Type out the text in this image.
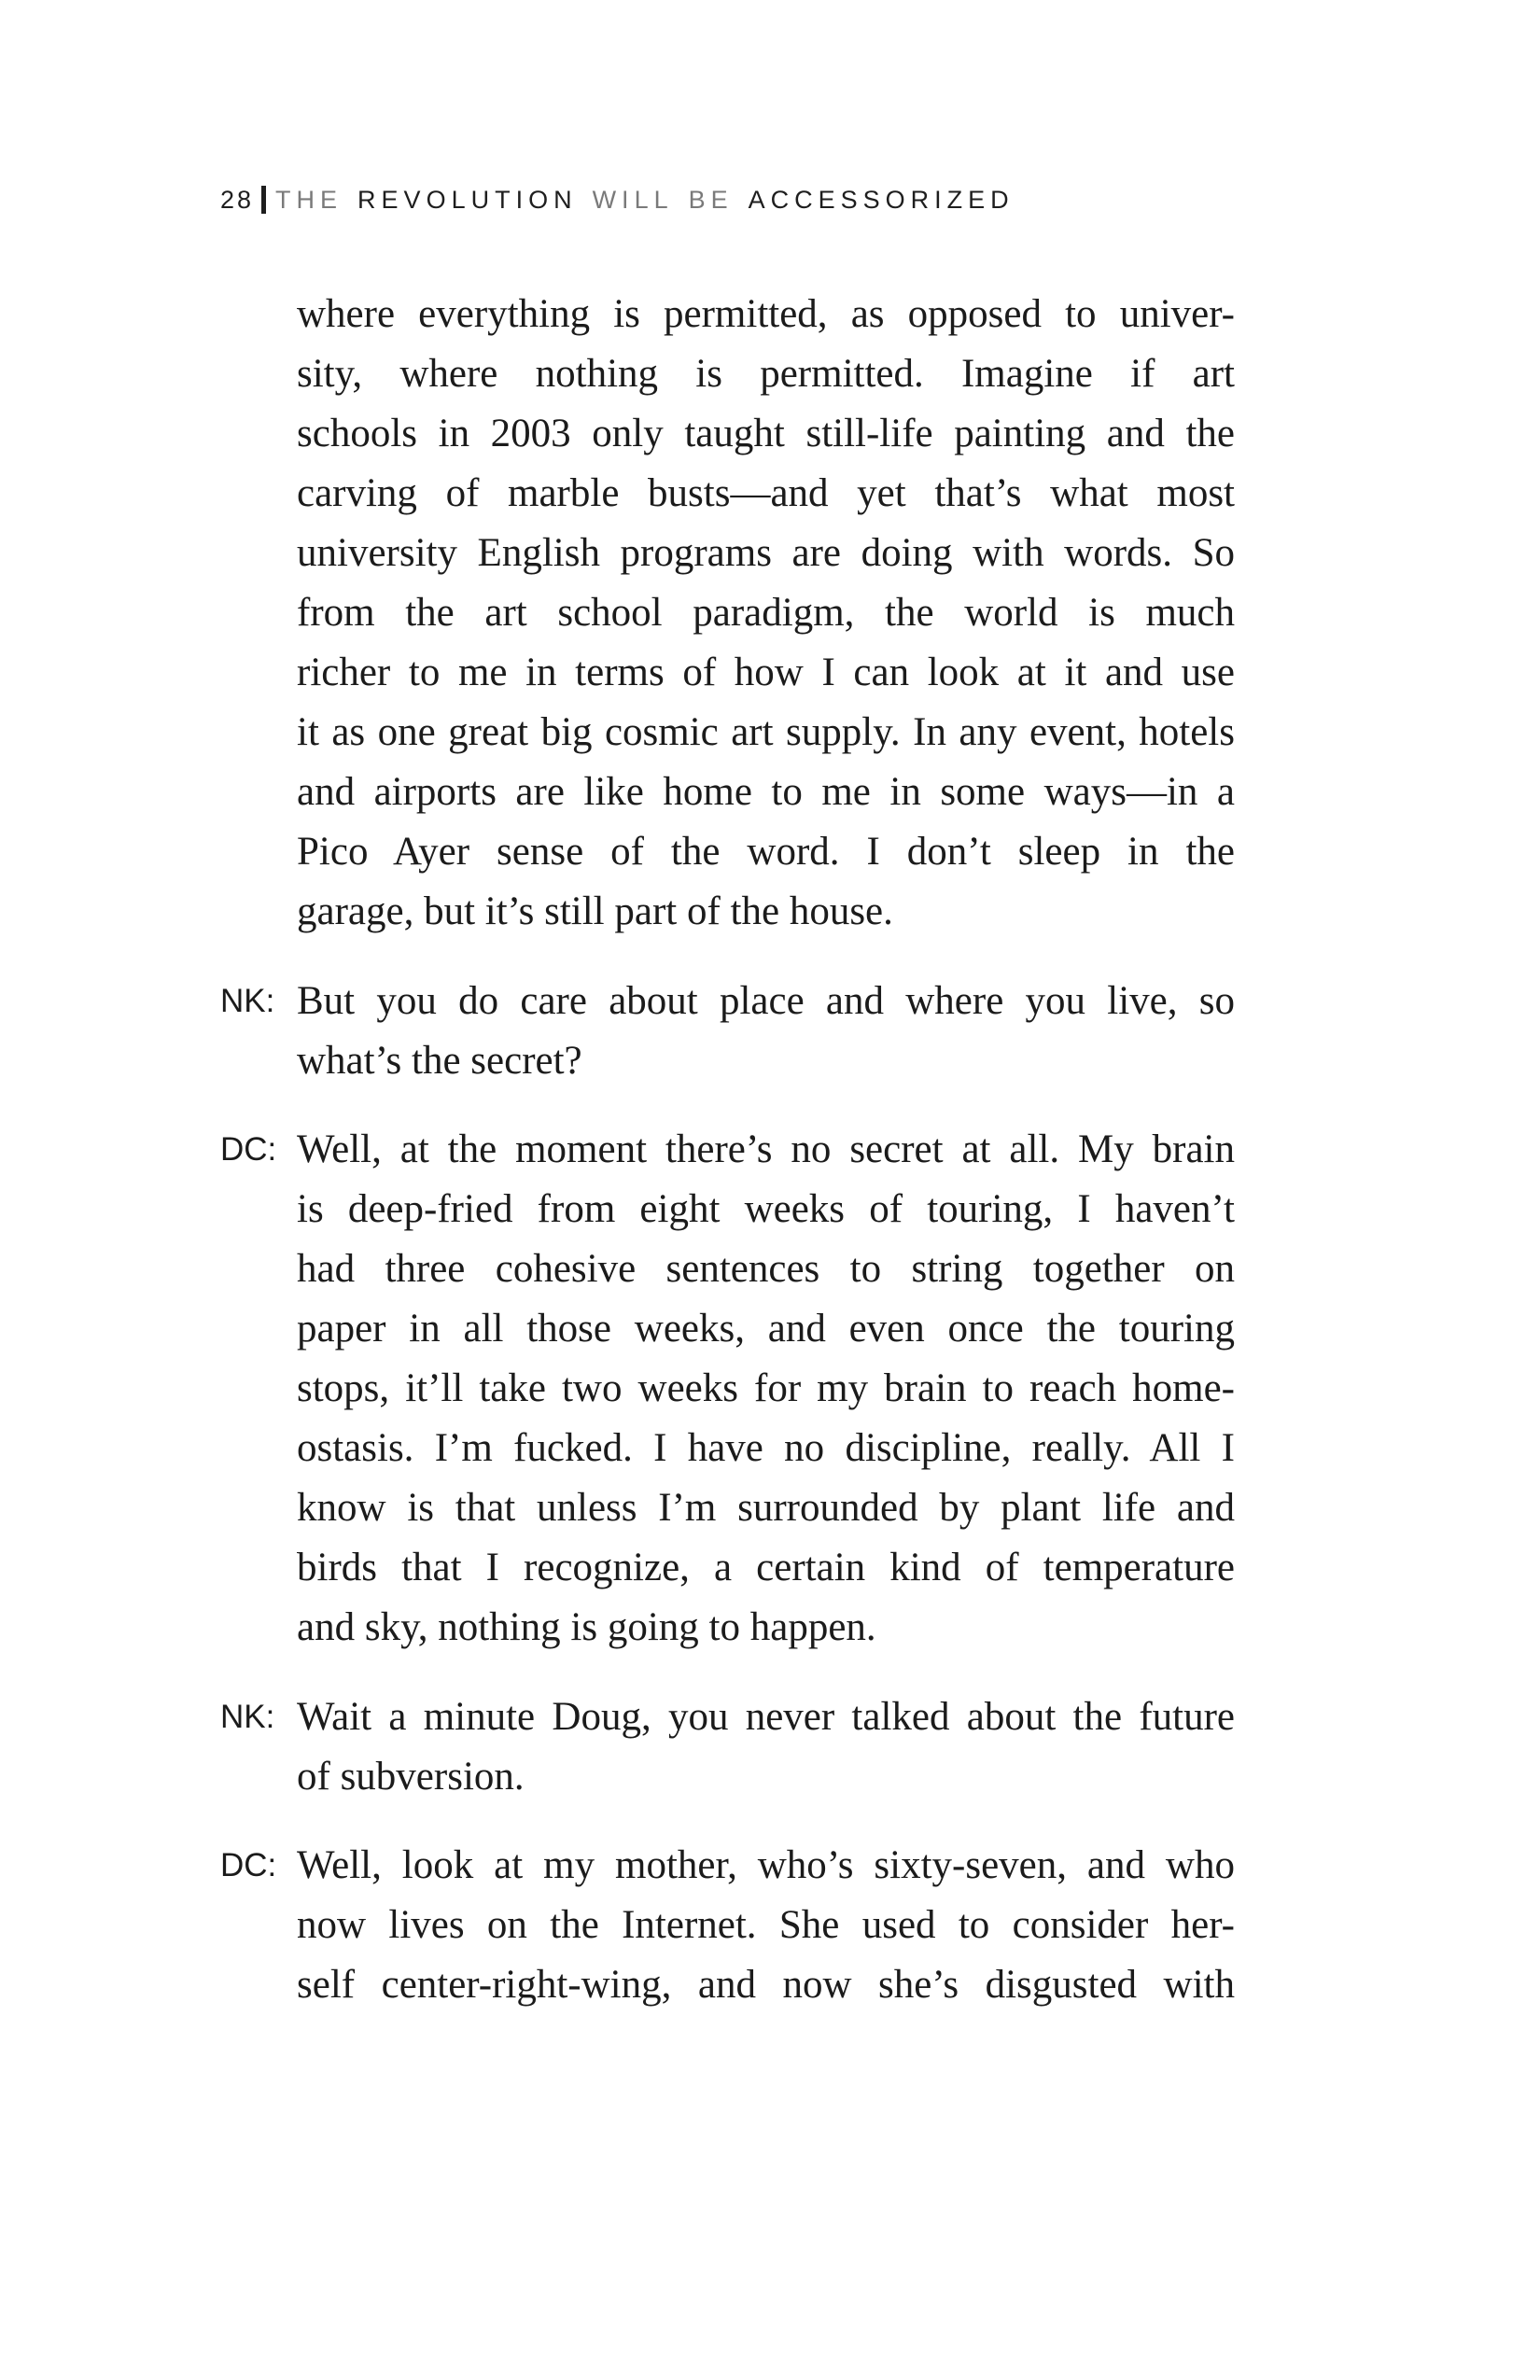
28 THE REVOLUTION WILL BE ACCESSORIZED
where everything is permitted, as opposed to univer-
sity, where nothing is permitted. Imagine if art
schools in 2003 only taught still-life painting and the
carving of marble busts—and yet that’s what most
university English programs are doing with words. So
from the art school paradigm, the world is much
richer to me in terms of how I can look at it and use
it as one great big cosmic art supply. In any event, hotels
and airports are like home to me in some ways—in a
Pico Ayer sense of the word. I don’t sleep in the
garage, but it’s still part of the house.
NK: But you do care about place and where you live, so
what’s the secret?
DC: Well, at the moment there’s no secret at all. My brain
is deep-fried from eight weeks of touring, I haven’t
had three cohesive sentences to string together on
paper in all those weeks, and even once the touring
stops, it’ll take two weeks for my brain to reach home-
ostasis. I’m fucked. I have no discipline, really. All I
know is that unless I’m surrounded by plant life and
birds that I recognize, a certain kind of temperature
and sky, nothing is going to happen.
NK: Wait a minute Doug, you never talked about the future
of subversion.
DC: Well, look at my mother, who’s sixty-seven, and who
now lives on the Internet. She used to consider her-
self center-right-wing, and now she’s disgusted with
